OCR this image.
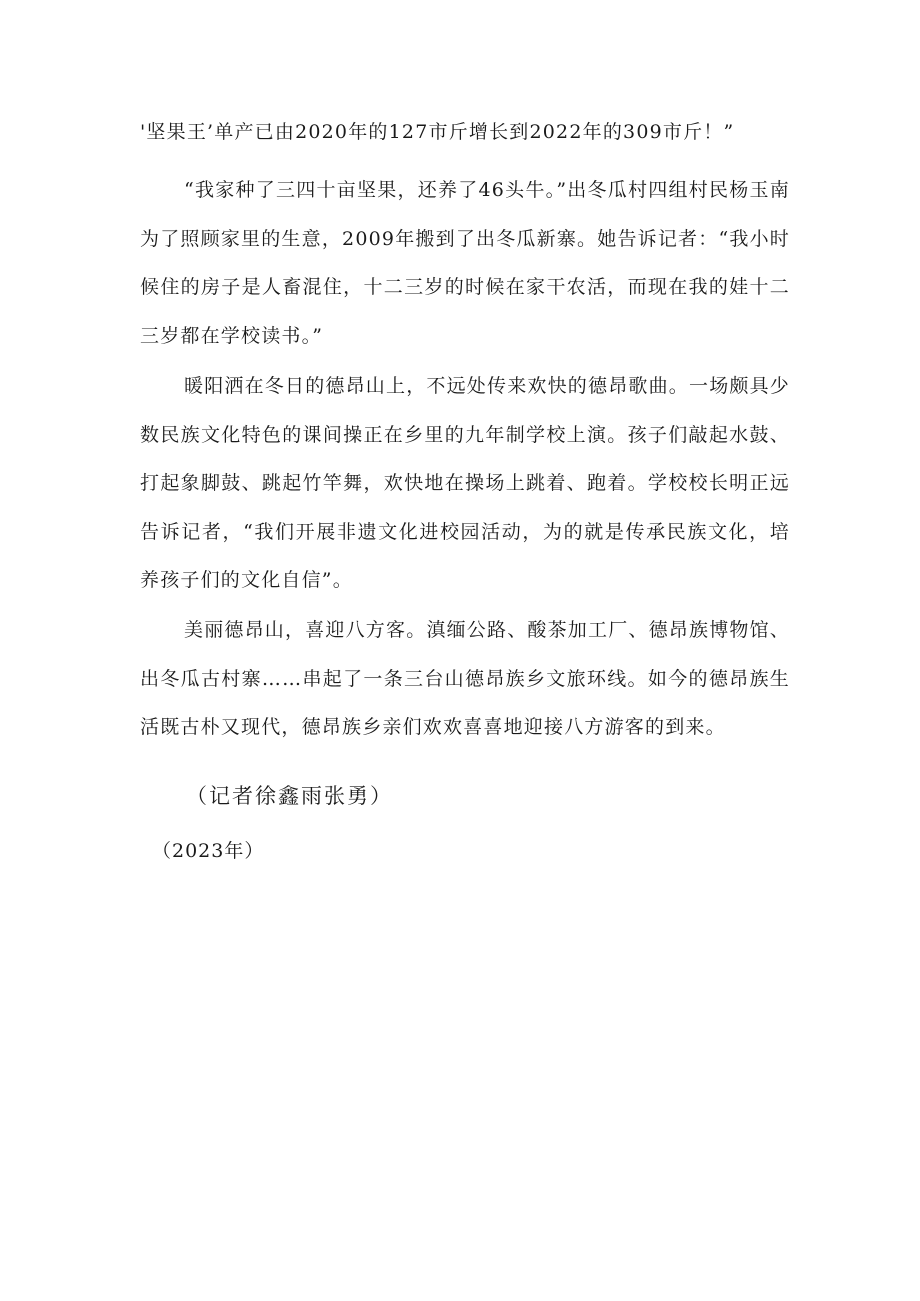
'坚果王’单产已由2020年的127市斤增长到2022年的309市斤！”

“我家种了三四十亩坚果，还养了46头牛。”出冬瓜村四组村民杨玉南为了照顾家里的生意，2009年搬到了出冬瓜新寨。她告诉记者：“我小时候住的房子是人畜混住，十二三岁的时候在家干农活，而现在我的娃十二三岁都在学校读书。”

暖阳洒在冬日的德昂山上，不远处传来欢快的德昂歌曲。一场颇具少数民族文化特色的课间操正在乡里的九年制学校上演。孩子们敲起水鼓、打起象脚鼓、跳起竹竿舞，欢快地在操场上跳着、跑着。学校校长明正远告诉记者，“我们开展非遗文化进校园活动，为的就是传承民族文化，培养孩子们的文化自信”。

美丽德昂山，喜迎八方客。滇缅公路、酸茶加工厂、德昂族博物馆、出冬瓜古村寨……串起了一条三台山德昂族乡文旅环线。如今的德昂族生活既古朴又现代，德昂族乡亲们欢欢喜喜地迎接八方游客的到来。

（记者徐鑫雨张勇）

（2023年）
